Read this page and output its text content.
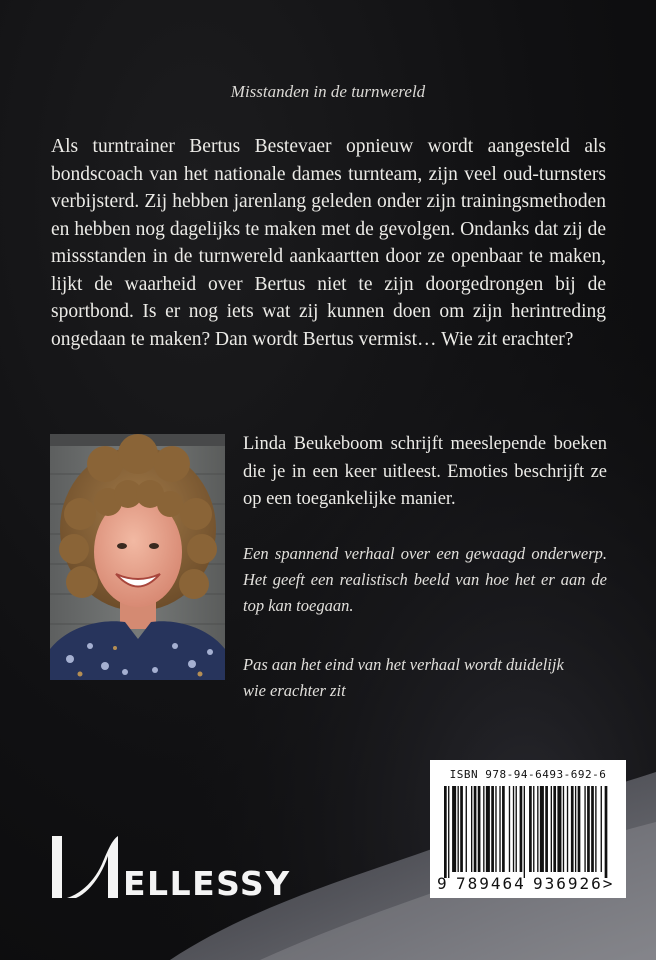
Misstanden in de turnwereld

Als turntrainer Bertus Bestevaer opnieuw wordt aangesteld als bondscoach van het nationale dames turnteam, zijn veel oud-turnsters verbijsterd. Zij hebben jarenlang geleden onder zijn trainingsmethoden en hebben nog dagelijks te maken met de gevolgen. Ondanks dat zij de missstanden in de turnwereld aankaartten door ze openbaar te maken, lijkt de waarheid over Bertus niet te zijn doorgedrongen bij de sportbond. Is er nog iets wat zij kunnen doen om zijn herintreding ongedaan te maken? Dan wordt Bertus vermist… Wie zit erachter?

Linda Beukeboom schrijft meeslepende boeken die je in een keer uitleest. Emoties beschrijft ze op een toegankelijke manier.

Een spannend verhaal over een gewaagd onderwerp. Het geeft een realistisch beeld van hoe het er aan de top kan toegaan.
Pas aan het eind van het verhaal wordt duidelijk
wie erachter zit
ISBN 978-94-6493-692-6
9 789464 936926>
ELLESSY
